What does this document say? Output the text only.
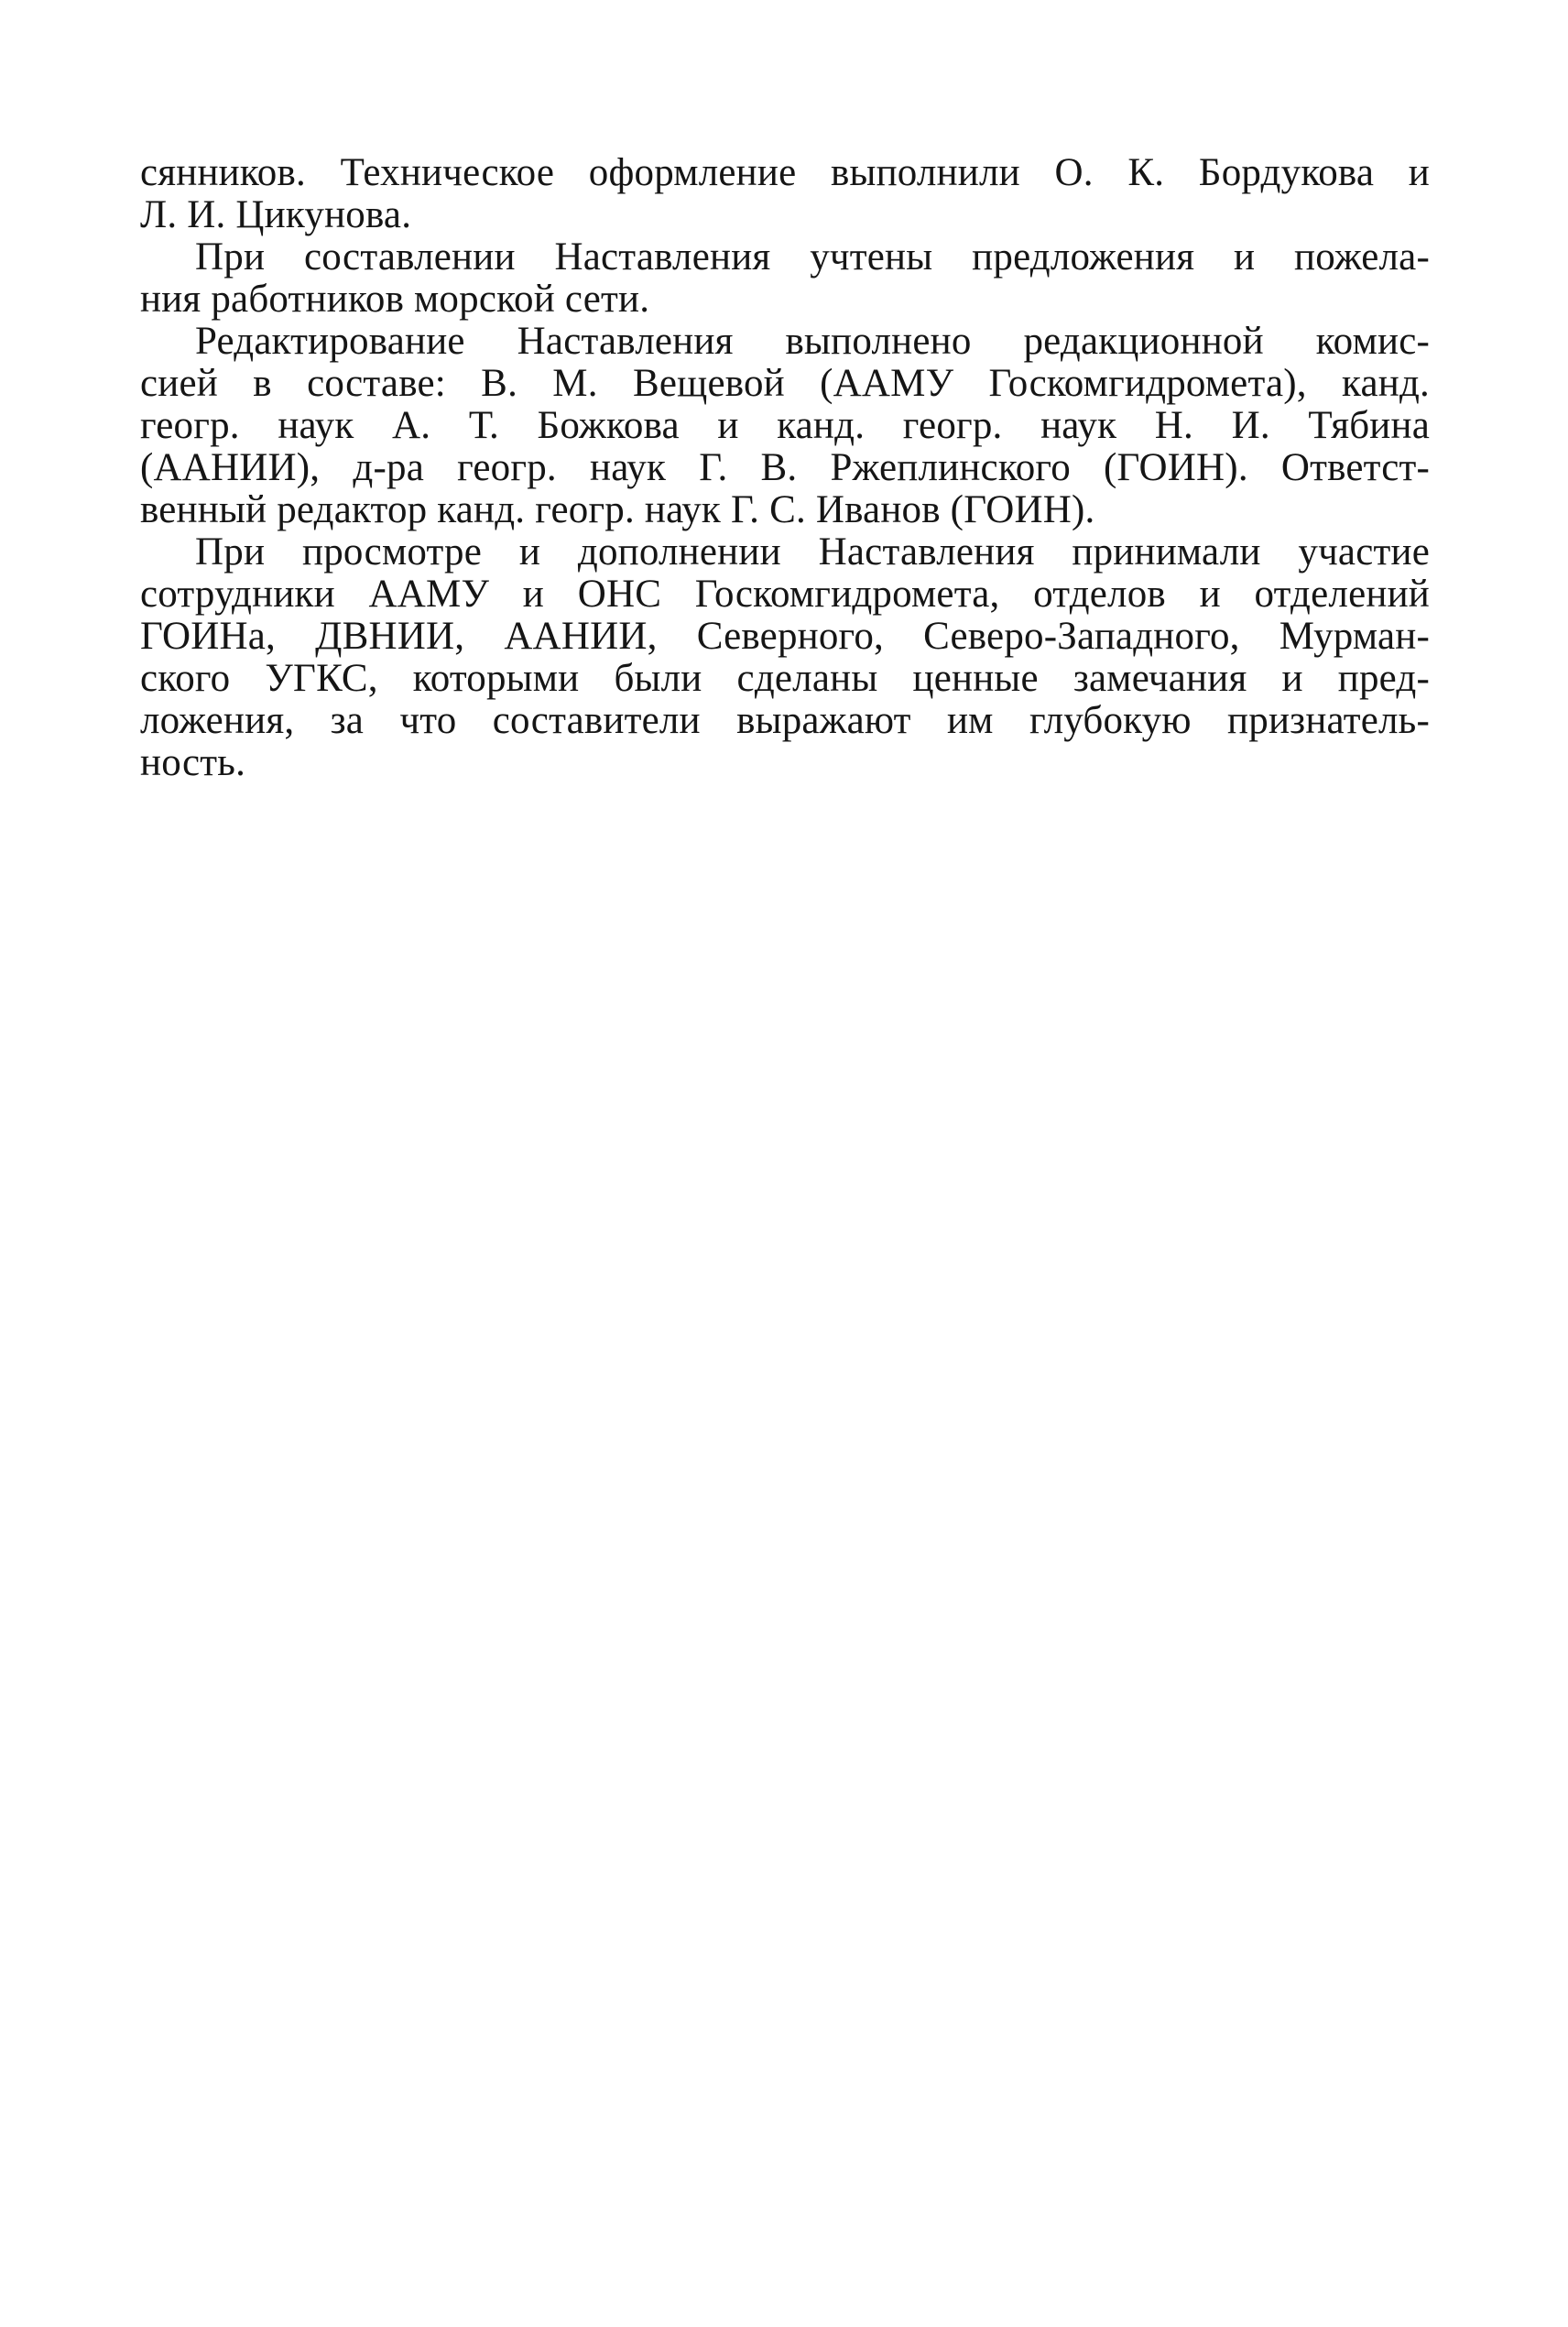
сянников. Техническое оформление выполнили О. К. Бордукова и
Л. И. Цикунова.
При составлении Наставления учтены предложения и пожела-
ния работников морской сети.
Редактирование Наставления выполнено редакционной комис-
сией в составе: В. М. Вещевой (ААМУ Госкомгидромета), канд.
геогр. наук А. Т. Божкова и канд. геогр. наук Н. И. Тябина
(ААНИИ), д-ра геогр. наук Г. В. Ржеплинского (ГОИН). Ответст-
венный редактор канд. геогр. наук Г. С. Иванов (ГОИН).
При просмотре и дополнении Наставления принимали участие
сотрудники ААМУ и ОНС Госкомгидромета, отделов и отделений
ГОИНа, ДВНИИ, ААНИИ, Северного, Северо-Западного, Мурман-
ского УГКС, которыми были сделаны ценные замечания и пред-
ложения, за что составители выражают им глубокую признатель-
ность.
